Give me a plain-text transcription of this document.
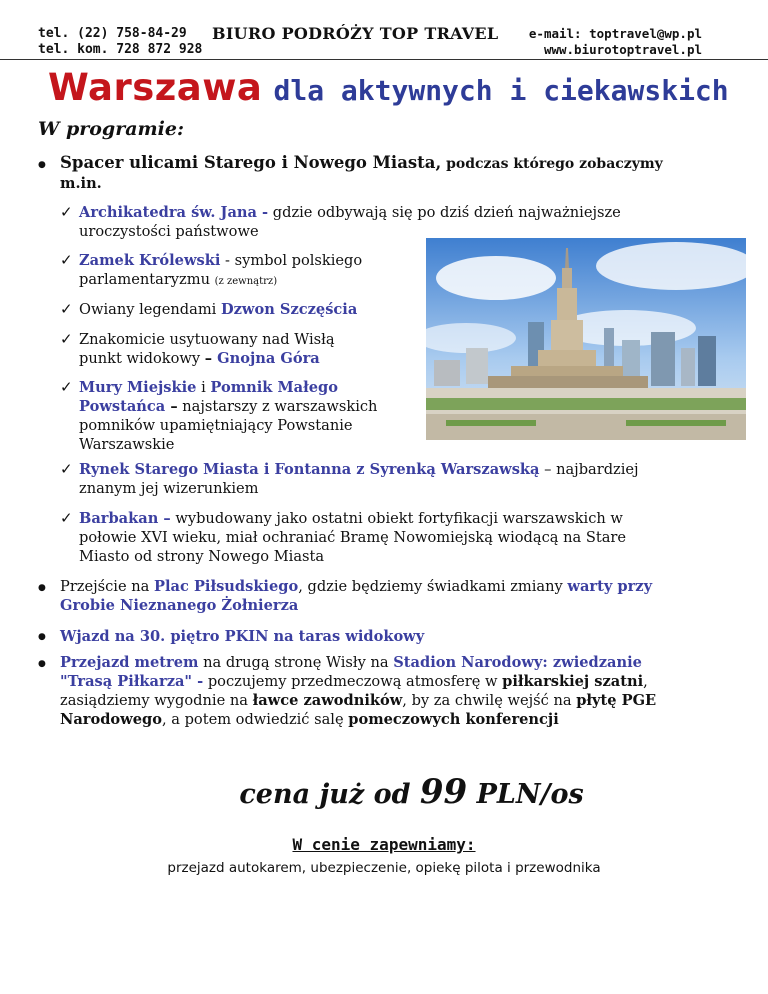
tel. (22) 758-84-29
tel. kom. 728 872 928
BIURO PODRÓŻY TOP TRAVEL e-mail: toptravel@wp.pl
www.biurotoptravel.pl
Warszawa dla aktywnych i ciekawskich
W programie:
● Spacer ulicami Starego i Nowego Miasta, podczas którego zobaczymy
m.in.
✓ Archikatedra św. Jana - gdzie odbywają się po dziś dzień najważniejsze
uroczystości państwowe
✓ Zamek Królewski - symbol polskiego
parlamentaryzmu (z zewnątrz)
✓ Owiany legendami Dzwon Szczęścia
✓ Znakomicie usytuowany nad Wisłą
punkt widokowy – Gnojna Góra
✓ Mury Miejskie i Pomnik Małego
Powstańca – najstarszy z warszawskich
pomników upamiętniający Powstanie
Warszawskie
✓ Rynek Starego Miasta i Fontanna z Syrenką Warszawską – najbardziej
znanym jej wizerunkiem
✓ Barbakan – wybudowany jako ostatni obiekt fortyfikacji warszawskich w
połowie XVI wieku, miał ochraniać Bramę Nowomiejską wiodącą na Stare
Miasto od strony Nowego Miasta
● Przejście na Plac Piłsudskiego, gdzie będziemy świadkami zmiany warty przy
Grobie Nieznanego Żołnierza
● Wjazd na 30. piętro PKIN na taras widokowy
● Przejazd metrem na drugą stronę Wisły na Stadion Narodowy: zwiedzanie
"Trasą Piłkarza" - poczujemy przedmeczową atmosferę w piłkarskiej szatni,
zasiądziemy wygodnie na ławce zawodników, by za chwilę wejść na płytę PGE
Narodowego, a potem odwiedzić salę pomeczowych konferencji
cena już od 99 PLN/os
W cenie zapewniamy:
przejazd autokarem, ubezpieczenie, opiekę pilota i przewodnika
